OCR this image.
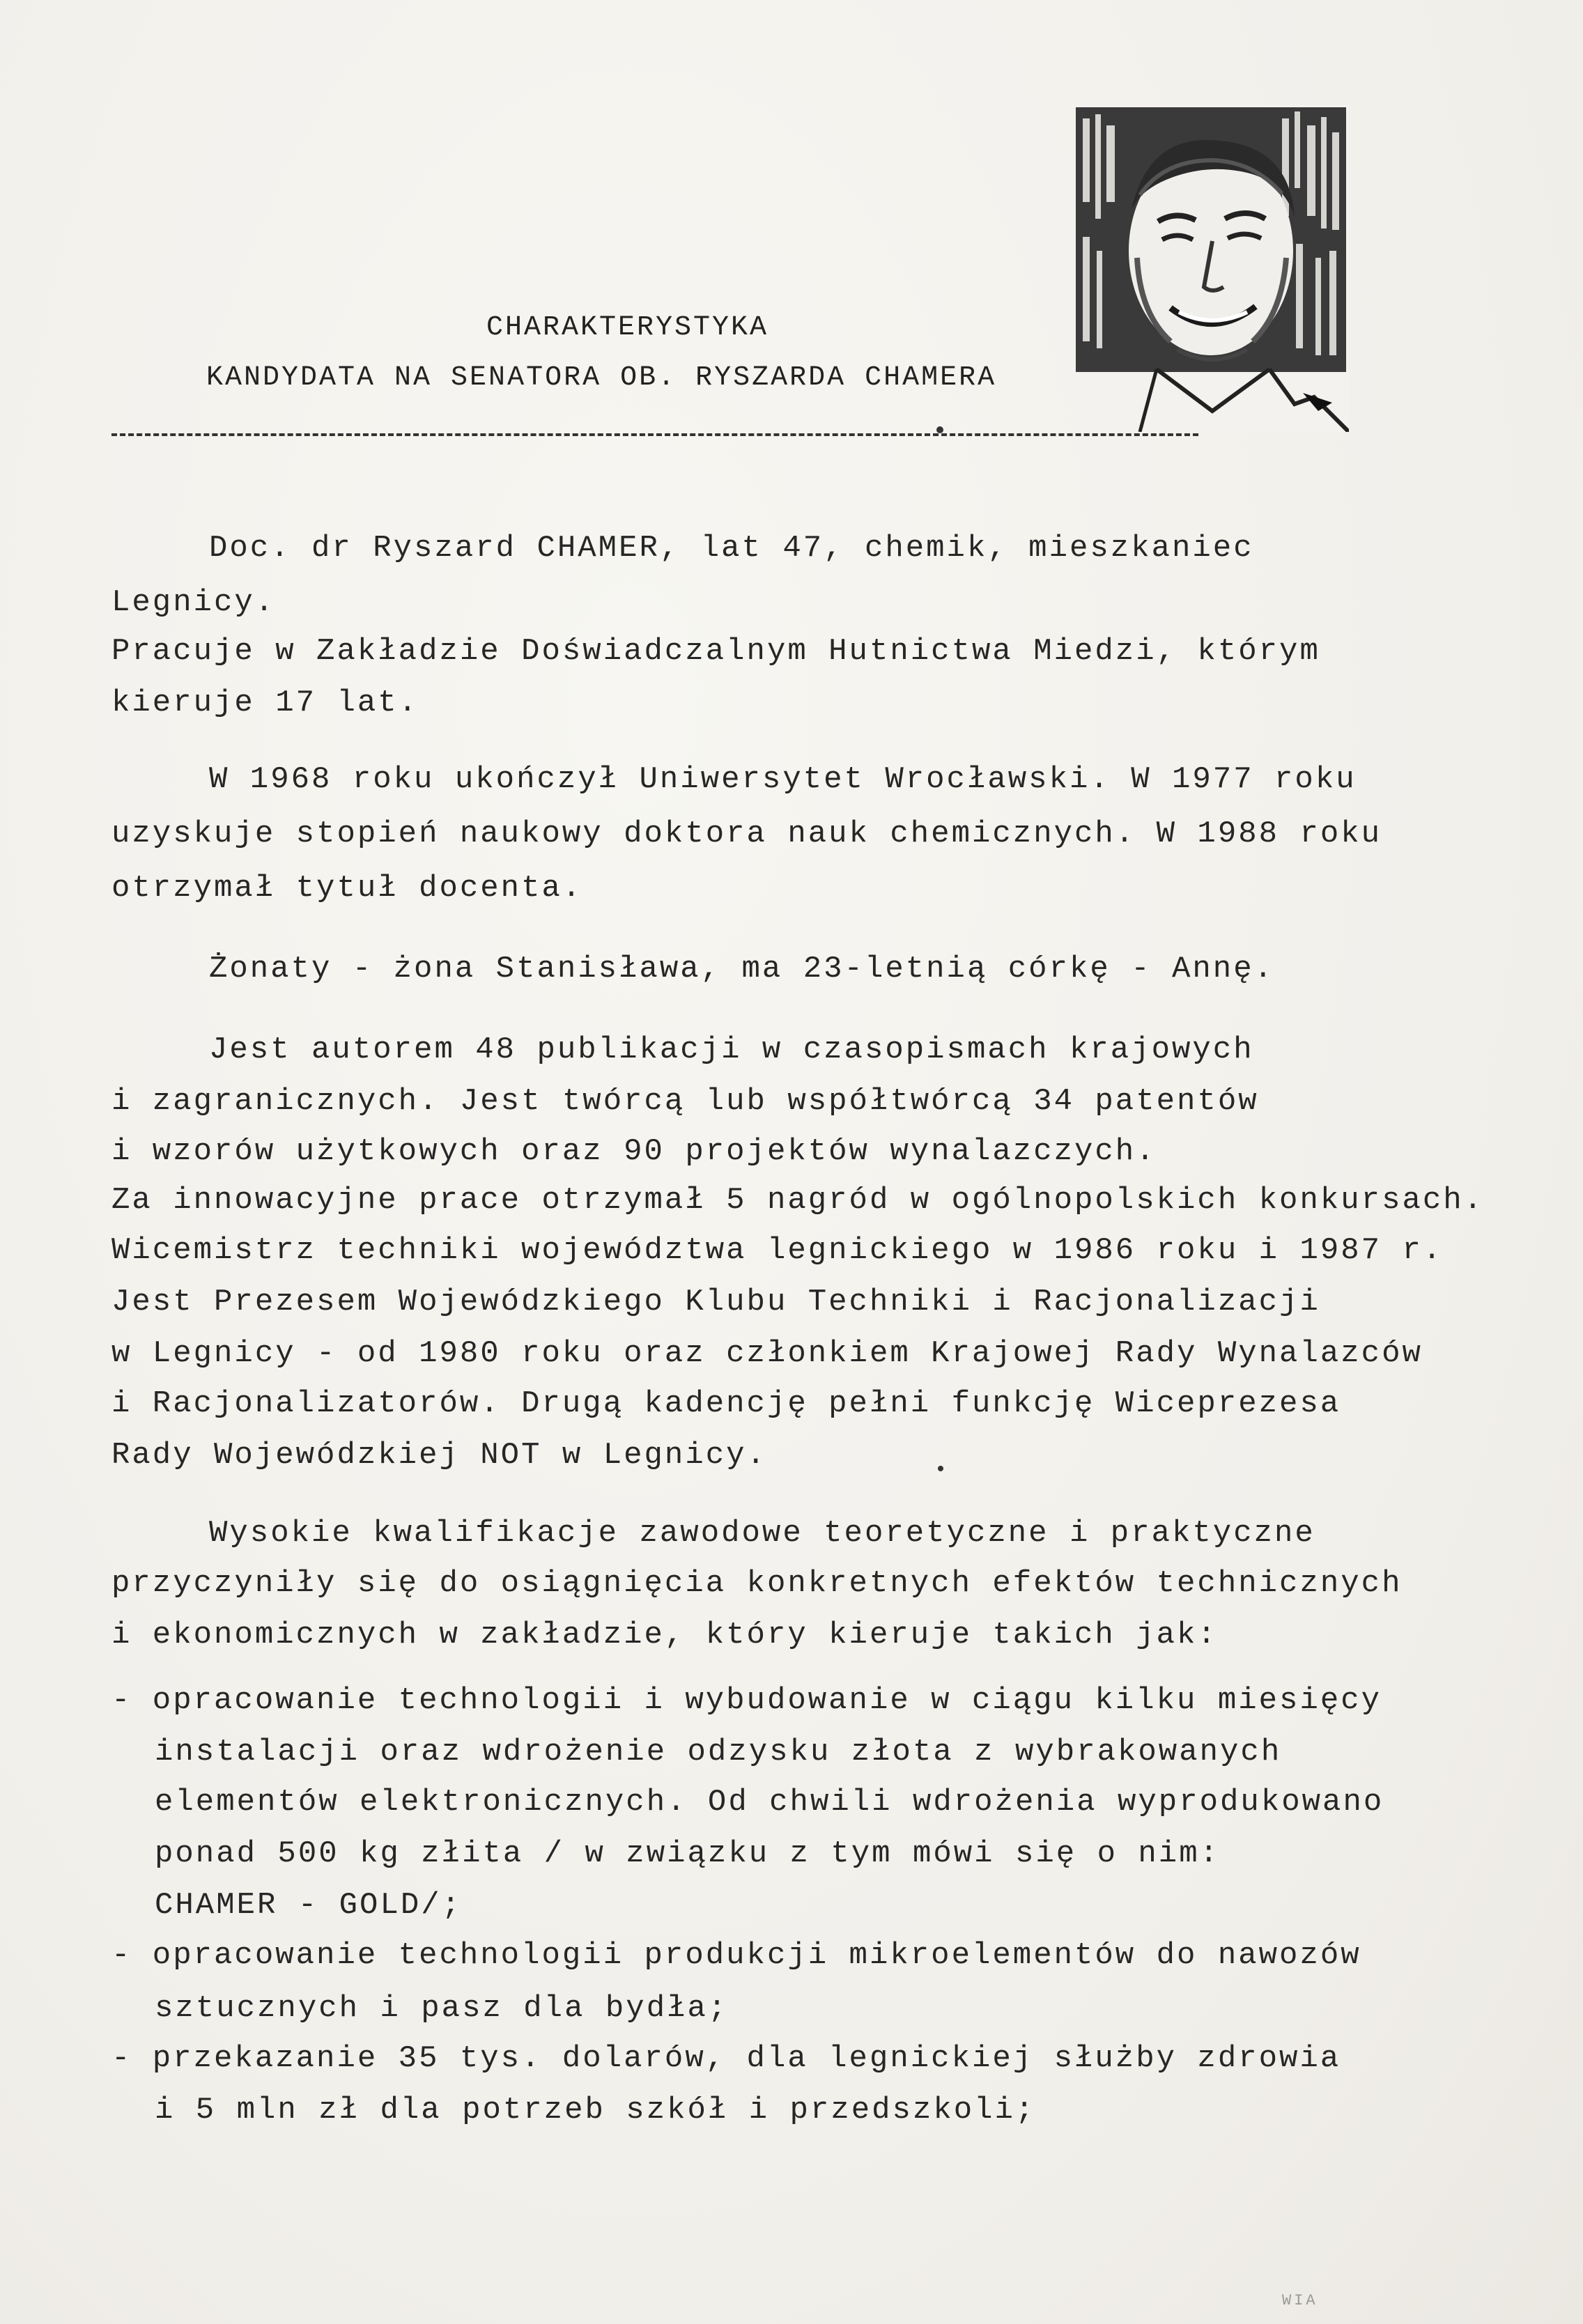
CHARAKTERYSTYKA
KANDYDATA NA SENATORA OB. RYSZARDA CHAMERA
Doc. dr Ryszard CHAMER, lat 47, chemik, mieszkaniec
Legnicy.
Pracuje w Zakładzie Doświadczalnym Hutnictwa Miedzi, którym
kieruje 17 lat.
W 1968 roku ukończył Uniwersytet Wrocławski. W 1977 roku
uzyskuje stopień naukowy doktora nauk chemicznych. W 1988 roku
otrzymał tytuł docenta.
Żonaty - żona Stanisława, ma 23-letnią córkę - Annę.
Jest autorem 48 publikacji w czasopismach krajowych
i zagranicznych. Jest twórcą lub współtwórcą 34 patentów
i wzorów użytkowych oraz 90 projektów wynalazczych.
Za innowacyjne prace otrzymał 5 nagród w ogólnopolskich konkursach.
Wicemistrz techniki województwa legnickiego w 1986 roku i 1987 r.
Jest Prezesem Wojewódzkiego Klubu Techniki i Racjonalizacji
w Legnicy - od 1980 roku oraz członkiem Krajowej Rady Wynalazców
i Racjonalizatorów. Drugą kadencję pełni funkcję Wiceprezesa
Rady Wojewódzkiej NOT w Legnicy.
Wysokie kwalifikacje zawodowe teoretyczne i praktyczne
przyczyniły się do osiągnięcia konkretnych efektów technicznych
i ekonomicznych w zakładzie, który kieruje takich jak:
- opracowanie technologii i wybudowanie w ciągu kilku miesięcy
instalacji oraz wdrożenie odzysku złota z wybrakowanych
elementów elektronicznych. Od chwili wdrożenia wyprodukowano
ponad 500 kg złita / w związku z tym mówi się o nim:
CHAMER - GOLD/;
- opracowanie technologii produkcji mikroelementów do nawozów
sztucznych i pasz dla bydła;
- przekazanie 35 tys. dolarów, dla legnickiej służby zdrowia
i 5 mln zł dla potrzeb szkół i przedszkoli;
WIA
